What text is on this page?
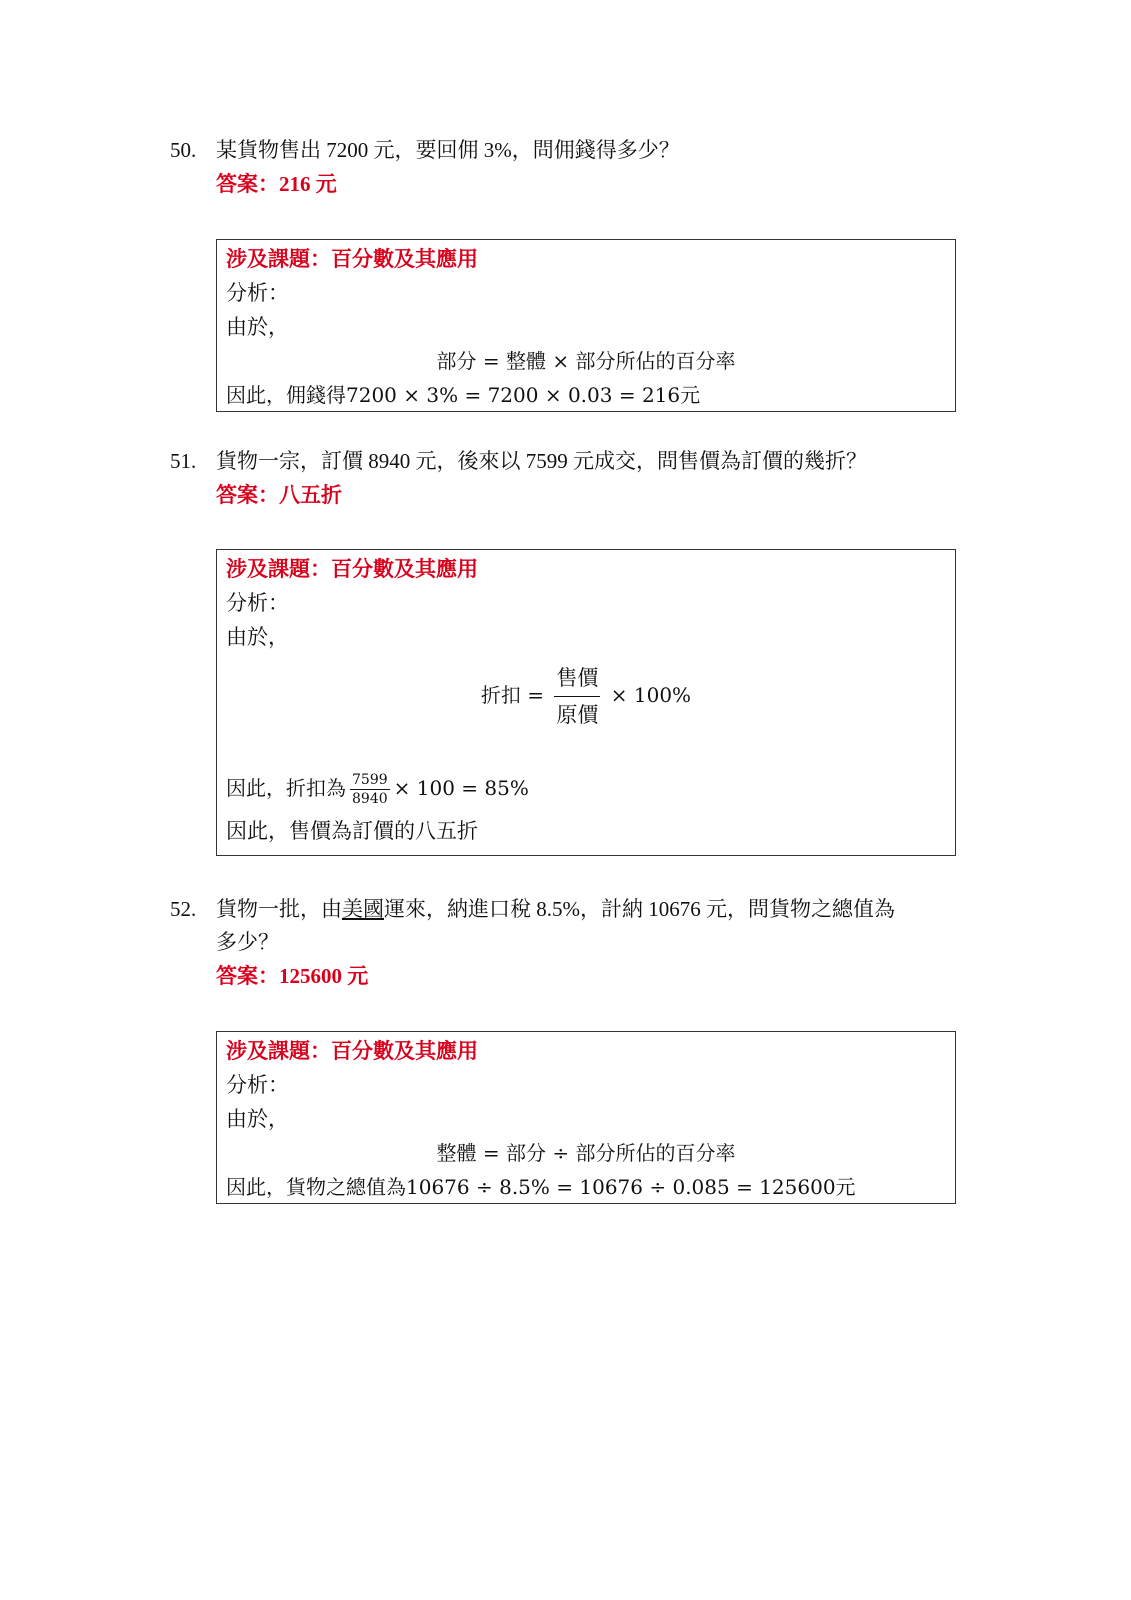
50. 某貨物售出 7200 元，要回佣 3%，問佣錢得多少？
答案：216 元
涉及課題：百分數及其應用
分析：
由於，
部分 = 整體 × 部分所佔的百分率
因此，佣錢得7200 × 3% = 7200 × 0.03 = 216元
51. 貨物一宗，訂價 8940 元，後來以 7599 元成交，問售價為訂價的幾折？
答案：八五折
涉及課題：百分數及其應用
分析：
由於，
折扣 = $\frac{\text{售價}}{\text{原價}} \times 100\%$
因此，折扣為 $\frac{7599}{8940} \times 100 = 85\%$
因此，售價為訂價的八五折
52. 貨物一批，由美國運來，納進口稅 8.5%，計納 10676 元，問貨物之總值為
多少？
答案：125600 元
涉及課題：百分數及其應用
分析：
由於，
整體 = 部分 ÷ 部分所佔的百分率
因此，貨物之總值為10676 ÷ 8.5% = 10676 ÷ 0.085 = 125600元
